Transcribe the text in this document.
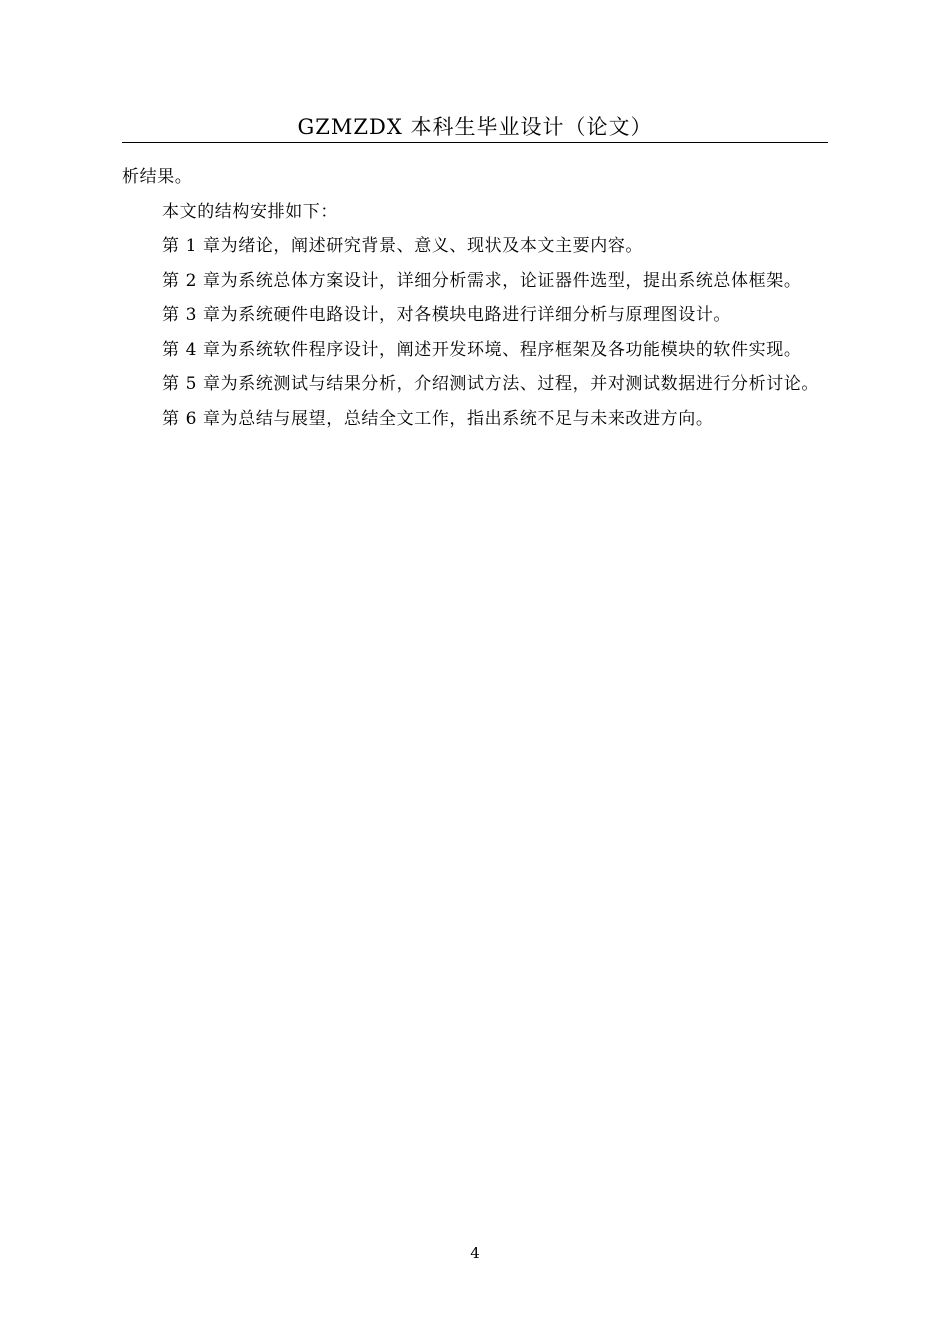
GZMZDX 本科生毕业设计（论文）

析结果。

本文的结构安排如下：

第 1 章为绪论，阐述研究背景、意义、现状及本文主要内容。

第 2 章为系统总体方案设计，详细分析需求，论证器件选型，提出系统总体框架。

第 3 章为系统硬件电路设计，对各模块电路进行详细分析与原理图设计。

第 4 章为系统软件程序设计，阐述开发环境、程序框架及各功能模块的软件实现。

第 5 章为系统测试与结果分析，介绍测试方法、过程，并对测试数据进行分析讨论。

第 6 章为总结与展望，总结全文工作，指出系统不足与未来改进方向。

4
